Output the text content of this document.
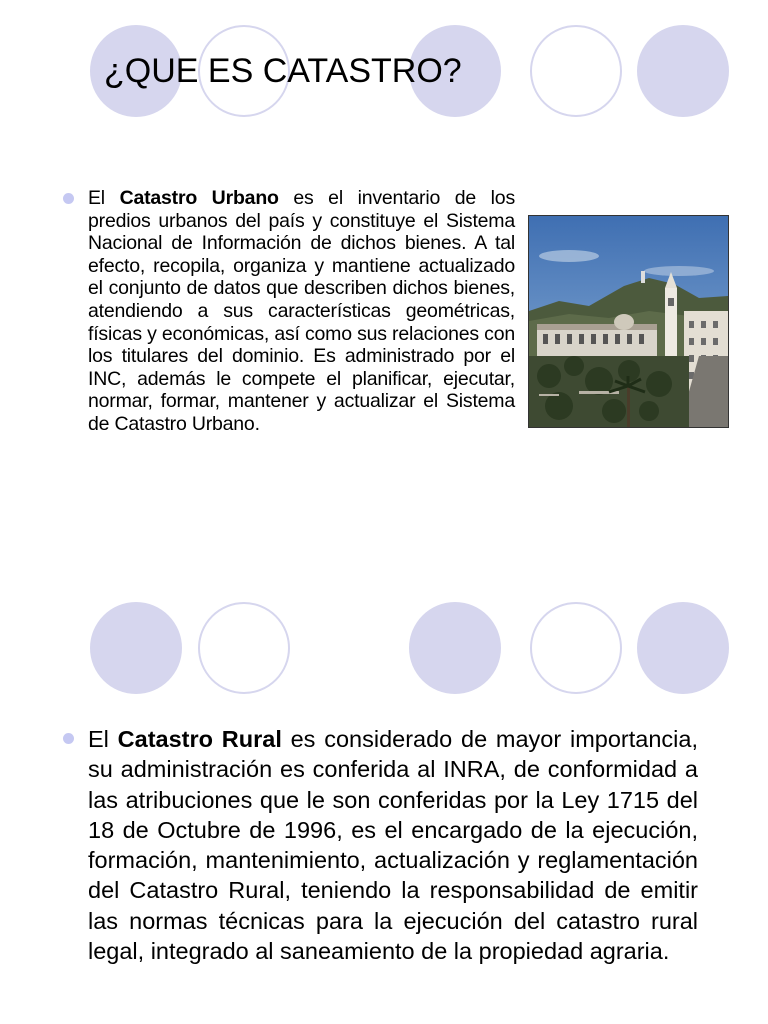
¿QUE ES CATASTRO?

El Catastro Urbano es el inventario de los predios urbanos del país y constituye el Sistema Nacional de Información de dichos bienes. A tal efecto, recopila, organiza y mantiene actualizado el conjunto de datos que describen dichos bienes, atendiendo a sus características geométricas, físicas y económicas, así como sus relaciones con los titulares del dominio. Es administrado por el INC, además le compete el planificar, ejecutar, normar, formar, mantener y actualizar el Sistema de Catastro Urbano.

El Catastro Rural es considerado de mayor importancia, su administración es conferida al INRA, de conformidad a las atribuciones que le son conferidas por la Ley 1715 del 18 de Octubre de 1996, es el encargado de la ejecución, formación, mantenimiento, actualización y reglamentación del Catastro Rural, teniendo la responsabilidad de emitir las normas técnicas para la ejecución del catastro rural legal, integrado al saneamiento de la propiedad agraria.
